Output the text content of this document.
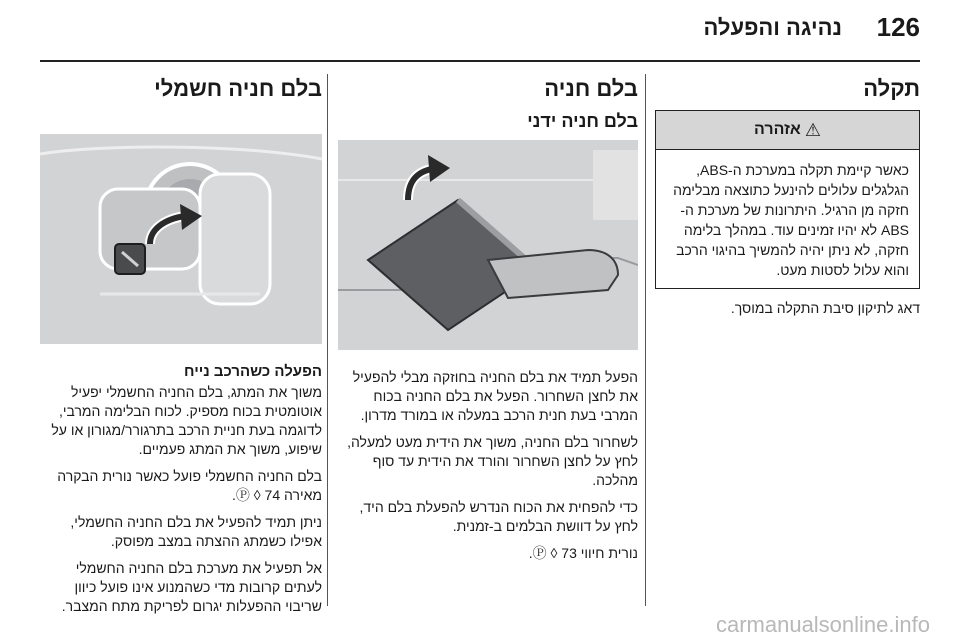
126
נהיגה והפעלה
תקלה
⚠
אזהרה
כאשר קיימת תקלה במערכת ה-ABS, הגלגלים עלולים להינעל כתוצאה מבלימה חזקה מן הרגיל. היתרונות של מערכת ה-ABS לא יהיו זמינים עוד. במהלך בלימה חזקה, לא ניתן יהיה להמשיך בהיגוי הרכב והוא עלול לסטות מעט.

דאג לתיקון סיבת התקלה במוסך.

בלם חניה
בלם חניה ידני

הפעל תמיד את בלם החניה בחוזקה מבלי להפעיל את לחצן השחרור. הפעל את בלם החניה בכוח המרבי בעת חנית הרכב במעלה או במורד מדרון.

לשחרור בלם החניה, משוך את הידית מעט למעלה, לחץ על לחצן השחרור והורד את הידית עד סוף מהלכה.

כדי להפחית את הכוח הנדרש להפעלת בלם היד, לחץ על דוושת הבלמים ב-זמנית.

נורית חיווי Ⓟ ◊ 73.

בלם חניה חשמלי

הפעלה כשהרכב נייח

משוך את המתג, בלם החניה החשמלי יפעיל אוטומטית בכוח מספיק. לכוח הבלימה המרבי, לדוגמה בעת חניית הרכב בתרגורר/מגורון או על שיפוע, משוך את המתג פעמיים.

בלם החניה החשמלי פועל כאשר נורית הבקרה מאירה Ⓟ ◊ 74.

ניתן תמיד להפעיל את בלם החניה החשמלי, אפילו כשמתג ההצתה במצב מפוסק.

אל תפעיל את מערכת בלם החניה החשמלי לעתים קרובות מדי כשהמנוע אינו פועל כיוון שריבוי ההפעלות יגרום לפריקת מתח המצבר.

carmanualsonline.info
